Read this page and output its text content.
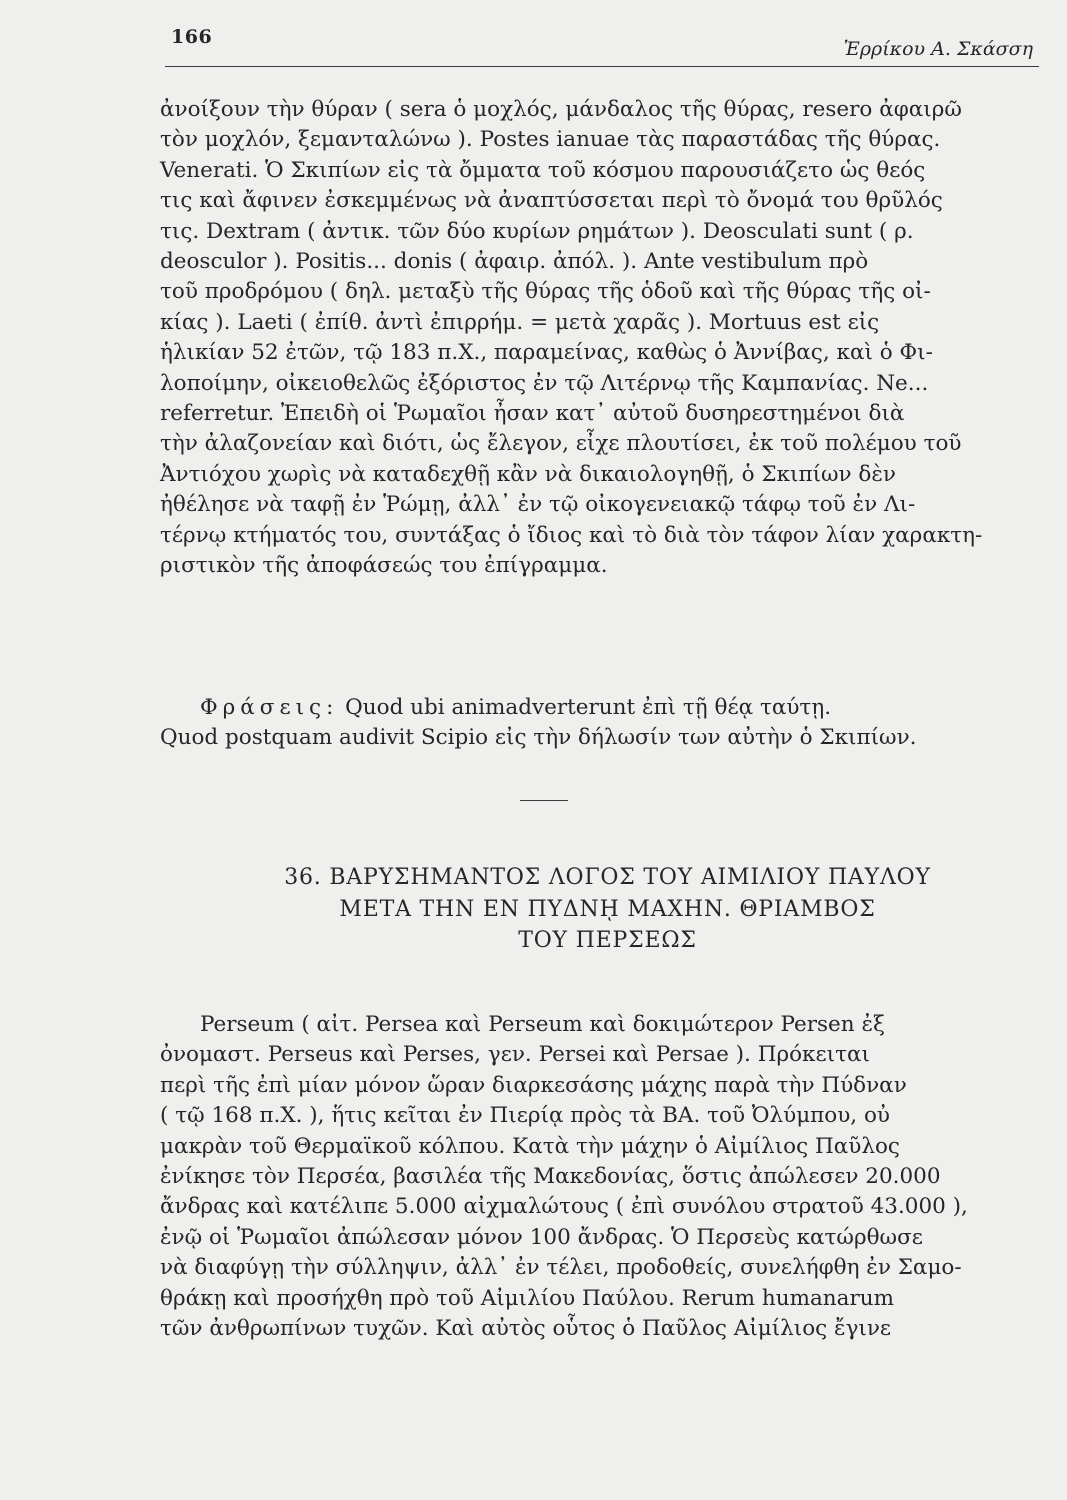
166
Ἐρρίκου Α. Σκάσση
ἀνοίξουν τὴν θύραν ( sera ὁ μοχλός, μάνδαλος τῆς θύρας, resero ἀφαιρῶ
τὸν μοχλόν, ξεμανταλώνω ). Postes ianuae τὰς παραστάδας τῆς θύρας.
Venerati. Ὁ Σκιπίων εἰς τὰ ὄμματα τοῦ κόσμου παρουσιάζετο ὡς θεός
τις καὶ ἄφινεν ἐσκεμμένως νὰ ἀναπτύσσεται περὶ τὸ ὄνομά του θρῦλός
τις. Dextram ( ἀντικ. τῶν δύο κυρίων ρημάτων ). Deosculati sunt ( ρ.
deosculor ). Positis... donis ( ἀφαιρ. ἀπόλ. ). Ante vestibulum πρὸ
τοῦ προδρόμου ( δηλ. μεταξὺ τῆς θύρας τῆς ὁδοῦ καὶ τῆς θύρας τῆς οἰ-
κίας ). Laeti ( ἐπίθ. ἀντὶ ἐπιρρήμ. = μετὰ χαρᾶς ). Mortuus est εἰς
ἡλικίαν 52 ἐτῶν, τῷ 183 π.Χ., παραμείνας, καθὼς ὁ Ἀννίβας, καὶ ὁ Φι-
λοποίμην, οἰκειοθελῶς ἐξόριστος ἐν τῷ Λιτέρνῳ τῆς Καμπανίας. Ne...
referretur. Ἐπειδὴ οἱ Ῥωμαῖοι ἦσαν κατ᾽ αὐτοῦ δυσηρεστημένοι διὰ
τὴν ἀλαζονείαν καὶ διότι, ὡς ἔλεγον, εἶχε πλουτίσει, ἐκ τοῦ πολέμου τοῦ
Ἀντιόχου χωρὶς νὰ καταδεχθῇ κἂν νὰ δικαιολογηθῇ, ὁ Σκιπίων δὲν
ἠθέλησε νὰ ταφῇ ἐν Ῥώμῃ, ἀλλ᾽ ἐν τῷ οἰκογενειακῷ τάφῳ τοῦ ἐν Λι-
τέρνῳ κτήματός του, συντάξας ὁ ἴδιος καὶ τὸ διὰ τὸν τάφον λίαν χαρακτη-
ριστικὸν τῆς ἀποφάσεώς του ἐπίγραμμα.
Φράσεις: Quod ubi animadverterunt ἐπὶ τῇ θέᾳ ταύτῃ.
Quod postquam audivit Scipio εἰς τὴν δήλωσίν των αὐτὴν ὁ Σκιπίων.
36. ΒΑΡΥΣΗΜΑΝΤΟΣ ΛΟΓΟΣ ΤΟΥ ΑΙΜΙΛΙΟΥ ΠΑΥΛΟΥ
ΜΕΤΑ ΤΗΝ ΕΝ ΠΥΔΝῌ ΜΑΧΗΝ. ΘΡΙΑΜΒΟΣ
ΤΟΥ ΠΕΡΣΕΩΣ
Perseum ( αἰτ. Persea καὶ Perseum καὶ δοκιμώτερον Persen ἐξ
ὀνομαστ. Perseus καὶ Perses, γεν. Persei καὶ Persae ). Πρόκειται
περὶ τῆς ἐπὶ μίαν μόνον ὥραν διαρκεσάσης μάχης παρὰ τὴν Πύδναν
( τῷ 168 π.Χ. ), ἥτις κεῖται ἐν Πιερίᾳ πρὸς τὰ ΒΑ. τοῦ Ὀλύμπου, οὐ
μακρὰν τοῦ Θερμαϊκοῦ κόλπου. Κατὰ τὴν μάχην ὁ Αἰμίλιος Παῦλος
ἐνίκησε τὸν Περσέα, βασιλέα τῆς Μακεδονίας, ὅστις ἀπώλεσεν 20.000
ἄνδρας καὶ κατέλιπε 5.000 αἰχμαλώτους ( ἐπὶ συνόλου στρατοῦ 43.000 ),
ἐνῷ οἱ Ῥωμαῖοι ἀπώλεσαν μόνον 100 ἄνδρας. Ὁ Περσεὺς κατώρθωσε
νὰ διαφύγῃ τὴν σύλληψιν, ἀλλ᾽ ἐν τέλει, προδοθείς, συνελήφθη ἐν Σαμο-
θράκῃ καὶ προσήχθη πρὸ τοῦ Αἰμιλίου Παύλου. Rerum humanarum
τῶν ἀνθρωπίνων τυχῶν. Καὶ αὐτὸς οὗτος ὁ Παῦλος Αἰμίλιος ἔγινε
